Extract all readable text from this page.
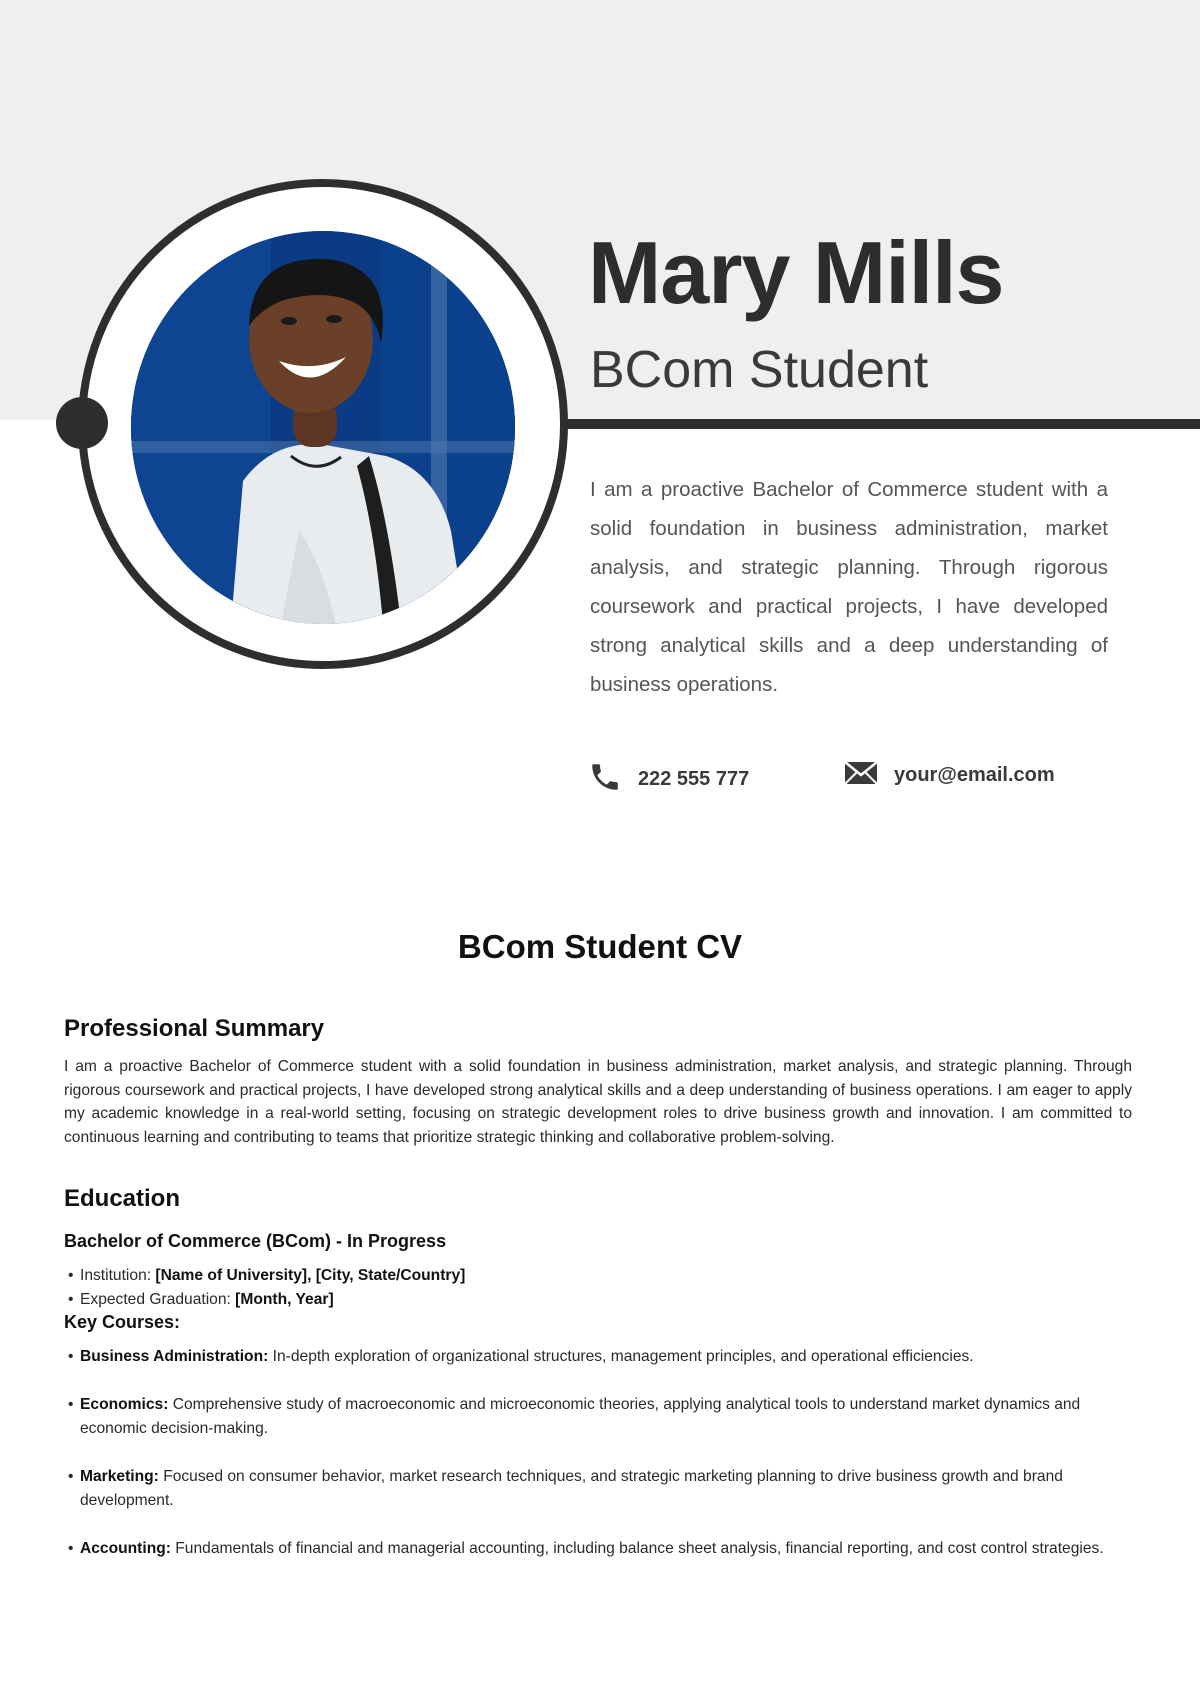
Mary Mills
BCom Student

I am a proactive Bachelor of Commerce student with a solid foundation in business administration, market analysis, and strategic planning. Through rigorous coursework and practical projects, I have developed strong analytical skills and a deep understanding of business operations.

222 555 777	your@email.com
BCom Student CV
Professional Summary

I am a proactive Bachelor of Commerce student with a solid foundation in business administration, market analysis, and strategic planning. Through rigorous coursework and practical projects, I have developed strong analytical skills and a deep understanding of business operations. I am eager to apply my academic knowledge in a real-world setting, focusing on strategic development roles to drive business growth and innovation. I am committed to continuous learning and contributing to teams that prioritize strategic thinking and collaborative problem-solving.

Education
Bachelor of Commerce (BCom) - In Progress
• Institution: [Name of University], [City, State/Country]
• Expected Graduation: [Month, Year]
Key Courses:
• Business Administration: In-depth exploration of organizational structures, management principles, and operational efficiencies.
• Economics: Comprehensive study of macroeconomic and microeconomic theories, applying analytical tools to understand market dynamics and economic decision-making.
• Marketing: Focused on consumer behavior, market research techniques, and strategic marketing planning to drive business growth and brand development.
• Accounting: Fundamentals of financial and managerial accounting, including balance sheet analysis, financial reporting, and cost control strategies.
